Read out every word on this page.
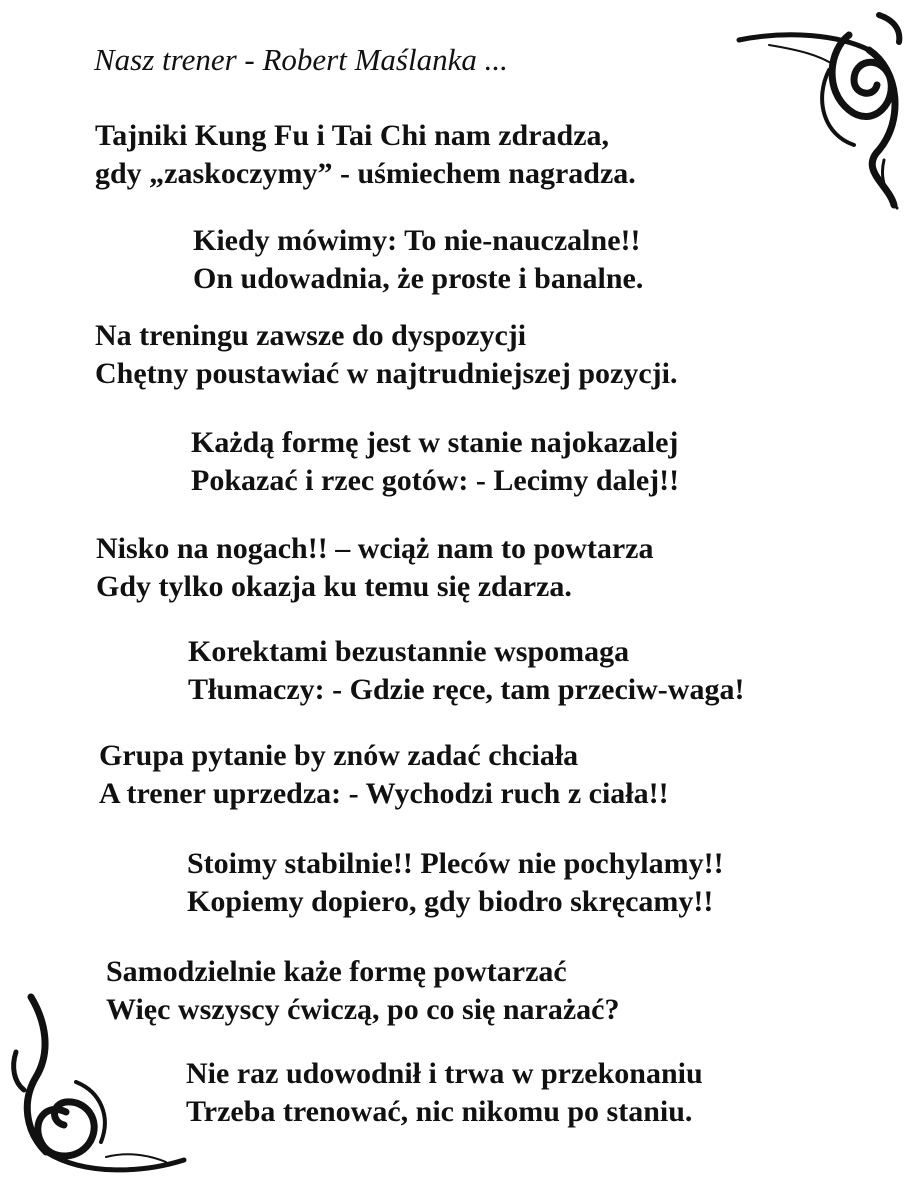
Nasz trener - Robert Maślanka ...
Tajniki Kung Fu i Tai Chi nam zdradza,
gdy „zaskoczymy” - uśmiechem nagradza.
Kiedy mówimy: To nie-nauczalne!!
On udowadnia, że proste i banalne.
Na treningu zawsze do dyspozycji
Chętny poustawiać w najtrudniejszej pozycji.
Każdą formę jest w stanie najokazalej
Pokazać i rzec gotów: - Lecimy dalej!!
Nisko na nogach!! – wciąż nam to powtarza
Gdy tylko okazja ku temu się zdarza.
Korektami bezustannie wspomaga
Tłumaczy: - Gdzie ręce, tam przeciw-waga!
Grupa pytanie by znów zadać chciała
A trener uprzedza: - Wychodzi ruch z ciała!!
Stoimy stabilnie!! Pleców nie pochylamy!!
Kopiemy dopiero, gdy biodro skręcamy!!
Samodzielnie każe formę powtarzać
Więc wszyscy ćwiczą, po co się narażać?
Nie raz udowodnił i trwa w przekonaniu
Trzeba trenować, nic nikomu po staniu.
